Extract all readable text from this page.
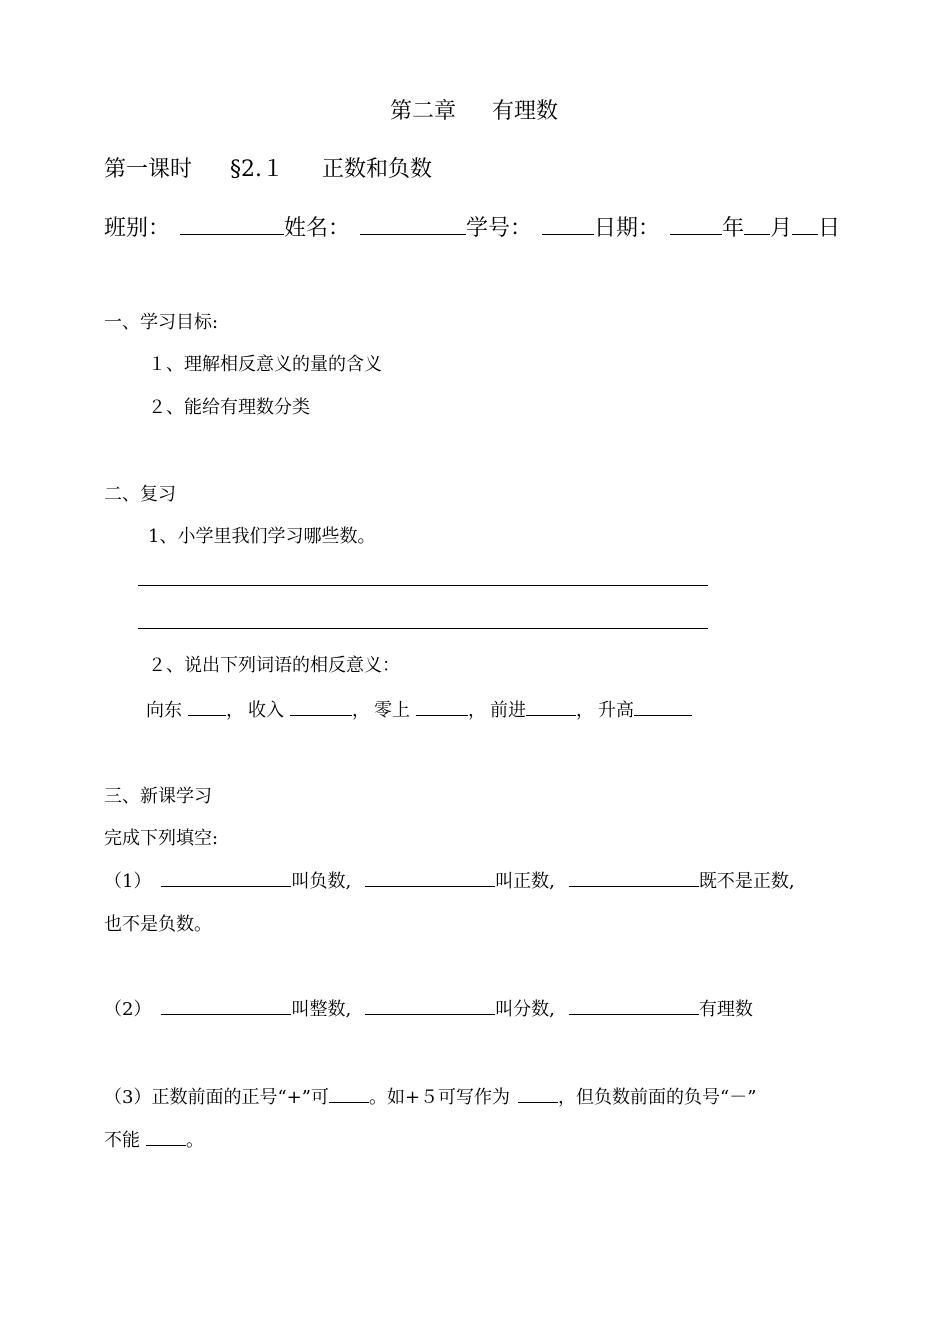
第二章 有理数
第一课时 §2.１ 正数和负数
班别：	姓名：	学号：	日期：	年 月 日
一、学习目标:
１、理解相反意义的量的含义
２、能给有理数分类
二、复习
1、小学里我们学习哪些数。
２、说出下列词语的相反意义：
向东 ， 收入	， 零上	， 前进	， 升高
三、新课学习
完成下列填空:
（1）	叫负数,	叫正数,	既不是正数,
也不是负数。
（2）	叫整数,	叫分数,	有理数
（3）正数前面的正号“+”可 。如+５可写作为	，但负数前面的负号“－”
不能	。
